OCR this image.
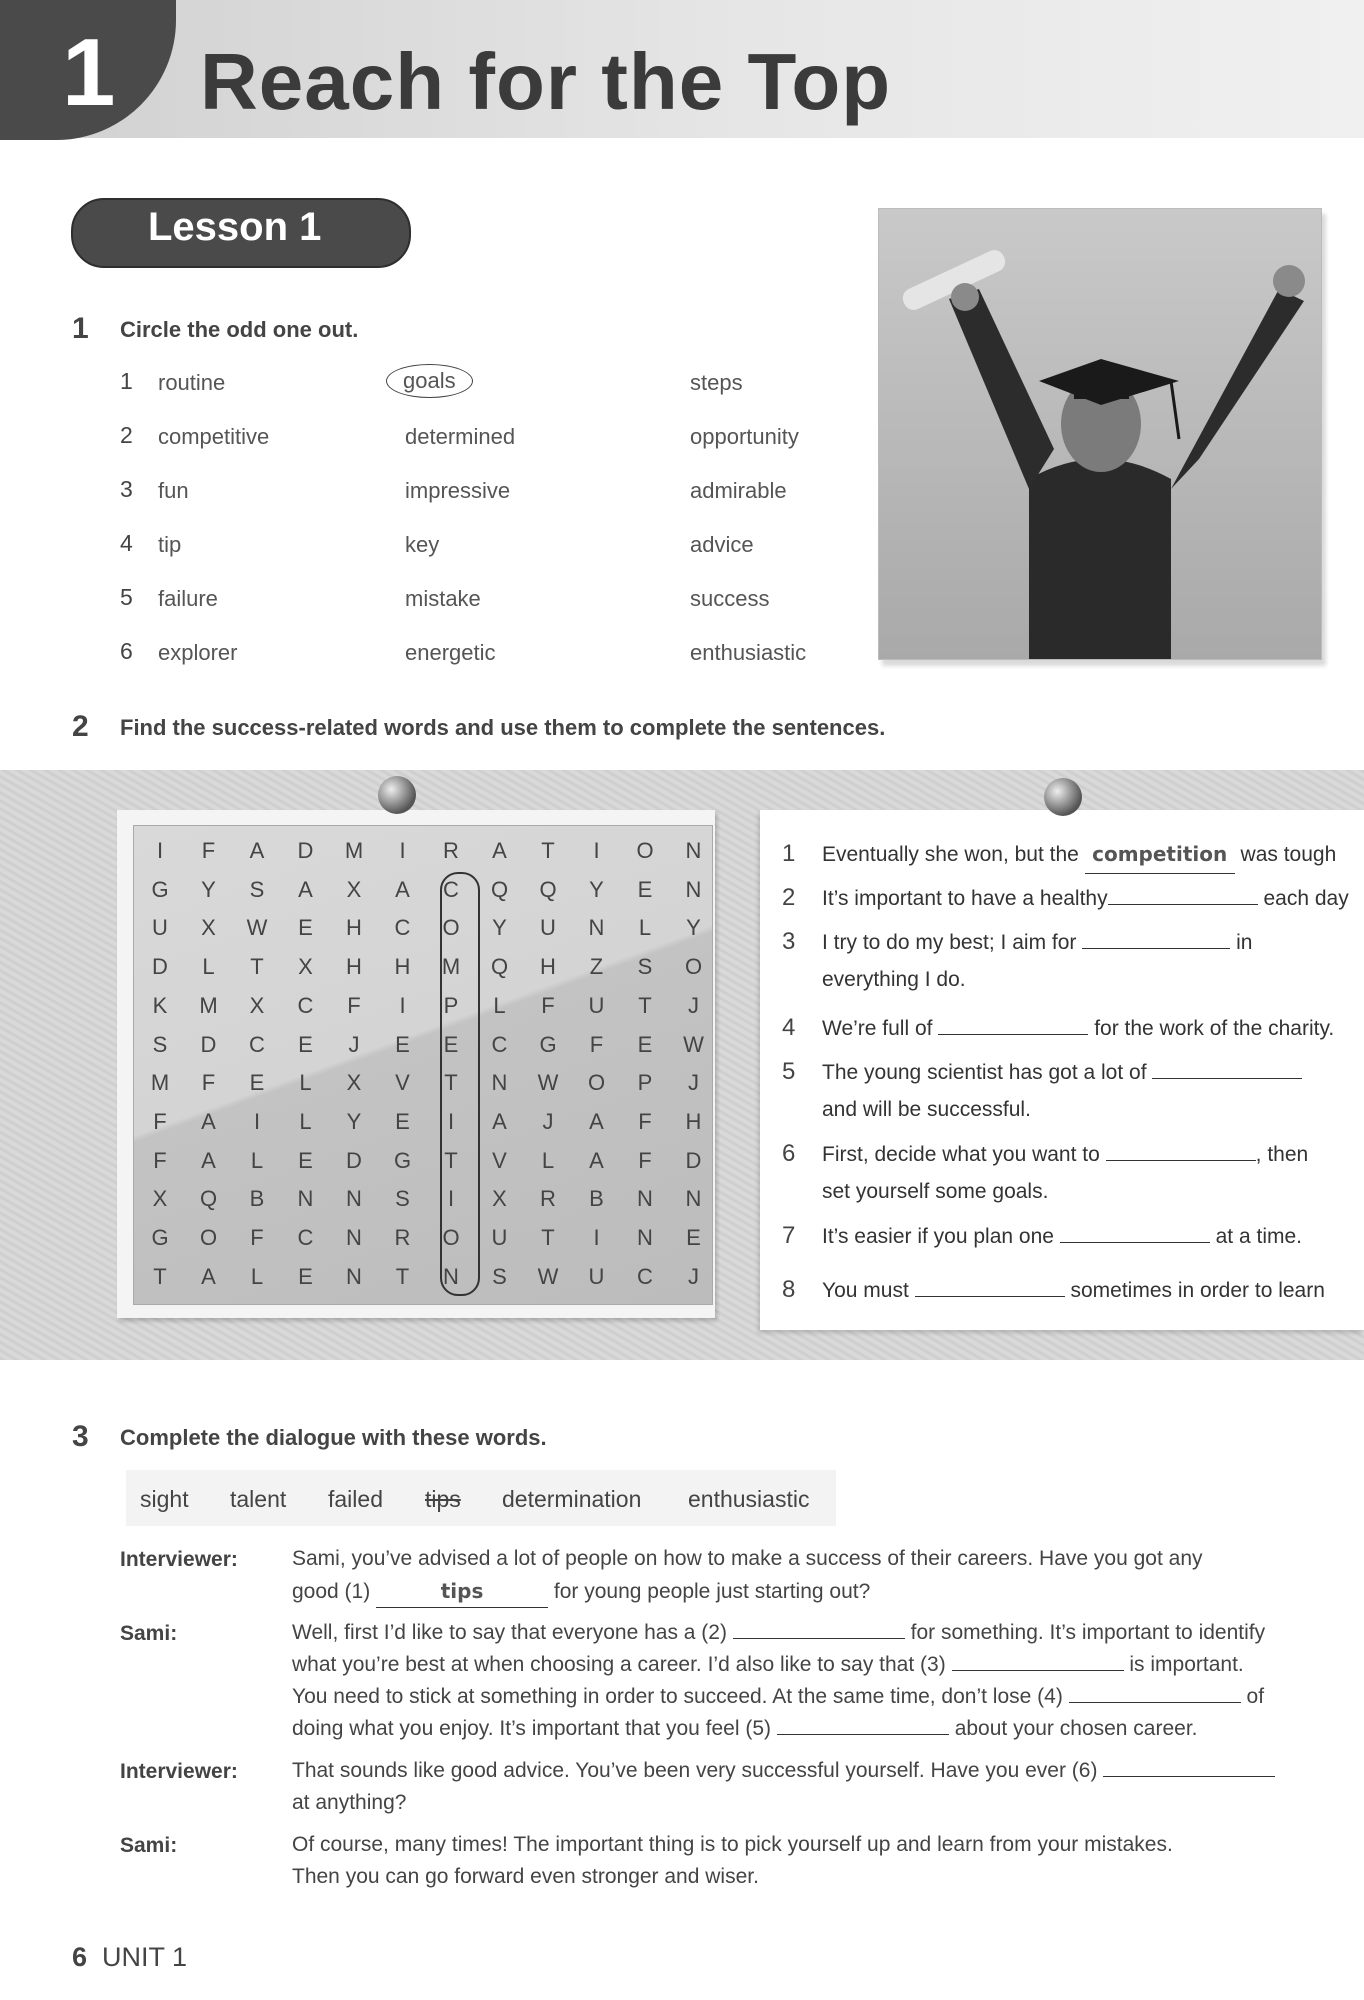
1 Reach for the Top
Lesson 1
1 Circle the odd one out.
1	routine	goals	steps
2	competitive	determined	opportunity
3	fun	impressive	admirable
4	tip	key	advice
5	failure	mistake	success
6	explorer	energetic	enthusiastic
2 Find the success-related words and use them to complete the sentences.
I	F	A	D	M	I	R	A	T	I	O	N
G	Y	S	A	X	A	C	Q	Q	Y	E	N
U	X	W	E	H	C	O	Y	U	N	L	Y
D	L	T	X	H	H	M	Q	H	Z	S	O
K	M	X	C	F	I	P	L	F	U	T	J
S	D	C	E	J	E	E	C	G	F	E	W
M	F	E	L	X	V	T	N	W	O	P	J
F	A	I	L	Y	E	I	A	J	A	F	H
F	A	L	E	D	G	T	V	L	A	F	D
X	Q	B	N	N	S	I	X	R	B	N	N
G	O	F	C	N	R	O	U	T	I	N	E
T	A	L	E	N	T	N	S	W	U	C	J
1 Eventually she won, but the competition was tough
2 It’s important to have a healthy	each day
3 I try to do my best; I aim for	in
everything I do.
4 We’re full of	for the work of the charity.
5 The young scientist has got a lot of
and will be successful.
6 First, decide what you want to	, then
set yourself some goals.
7 It’s easier if you plan one	at a time.
8 You must	sometimes in order to learn
3 Complete the dialogue with these words.
sight talent failed tips determination enthusiastic
Interviewer:	Sami, you’ve advised a lot of people on how to make a success of their careers. Have you got any
good (1)	tips	for young people just starting out?
Sami:	Well, first I’d like to say that everyone has a (2)	for something. It’s important to identify
what you’re best at when choosing a career. I’d also like to say that (3)	is important.
You need to stick at something in order to succeed. At the same time, don’t lose (4)	of
doing what you enjoy. It’s important that you feel (5)	about your chosen career.
Interviewer:	That sounds like good advice. You’ve been very successful yourself. Have you ever (6)
at anything?
Sami:	Of course, many times! The important thing is to pick yourself up and learn from your mistakes.
Then you can go forward even stronger and wiser.
6 UNIT 1
